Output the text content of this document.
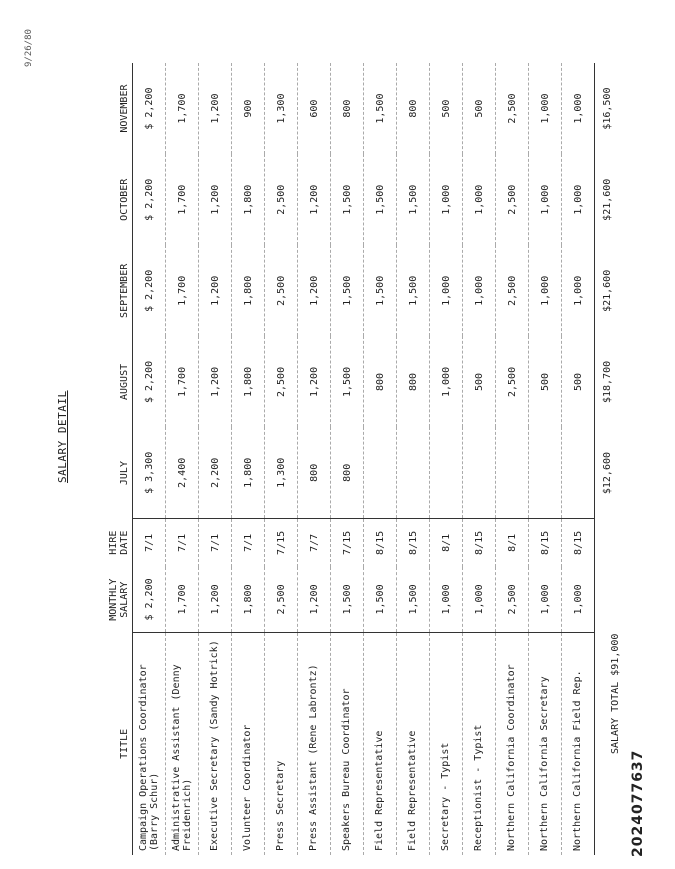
9/26/80
SALARY DETAIL
TITLE	MONTHLY SALARY	HIRE DATE	JULY	AUGUST	SEPTEMBER	OCTOBER	NOVEMBER
Campaign Operations Coordinator (Barry Schur)	$ 2,200	7/1	$ 3,300	$ 2,200	$ 2,200	$ 2,200	$ 2,200
Administrative Assistant (Denny Freidenrich)	1,700	7/1	2,400	1,700	1,700	1,700	1,700
Executive Secretary (Sandy Hotrick)	1,200	7/1	2,200	1,200	1,200	1,200	1,200
Volunteer Coordinator	1,800	7/1	1,800	1,800	1,800	1,800	900
Press Secretary	2,500	7/15	1,300	2,500	2,500	2,500	1,300
Press Assistant (Rene Labrontz)	1,200	7/7	800	1,200	1,200	1,200	600
Speakers Bureau Coordinator	1,500	7/15	800	1,500	1,500	1,500	800
Field Representative	1,500	8/15		800	1,500	1,500	1,500
Field Representative	1,500	8/15		800	1,500	1,500	800
Secretary - Typist	1,000	8/1		1,000	1,000	1,000	500
Receptionist - Typist	1,000	8/15		500	1,000	1,000	500
Northern California Coordinator	2,500	8/1		2,500	2,500	2,500	2,500
Northern California Secretary	1,000	8/15		500	1,000	1,000	1,000
Northern California Field Rep.	1,000	8/15		500	1,000	1,000	1,000
			$12,600	$18,700	$21,600	$21,600	$16,500
SALARY TOTAL $91,000
2024077637
